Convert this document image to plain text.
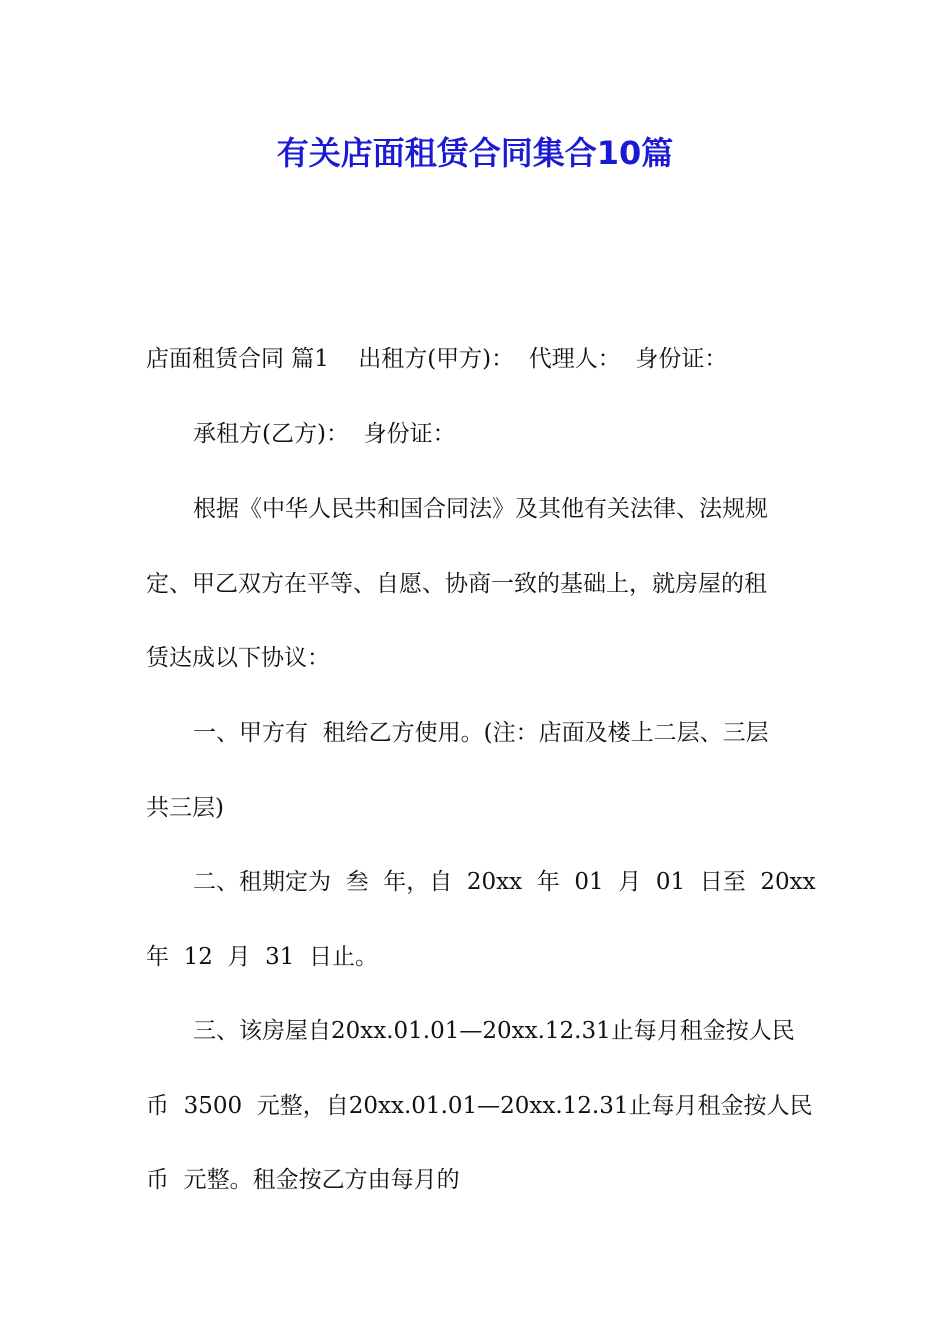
有关店面租赁合同集合10篇
店面租赁合同 篇1    出租方(甲方)：  代理人：  身份证：
承租方(乙方)：  身份证：
根据《中华人民共和国合同法》及其他有关法律、法规规
定、甲乙双方在平等、自愿、协商一致的基础上，就房屋的租
赁达成以下协议：
一、甲方有  租给乙方使用。(注：店面及楼上二层、三层
共三层)
二、租期定为  叁  年，自  20xx  年  01  月  01  日至  20xx
年  12  月  31  日止。
三、该房屋自20xx.01.01—20xx.12.31止每月租金按人民
币  3500  元整，自20xx.01.01—20xx.12.31止每月租金按人民
币  元整。租金按乙方由每月的
